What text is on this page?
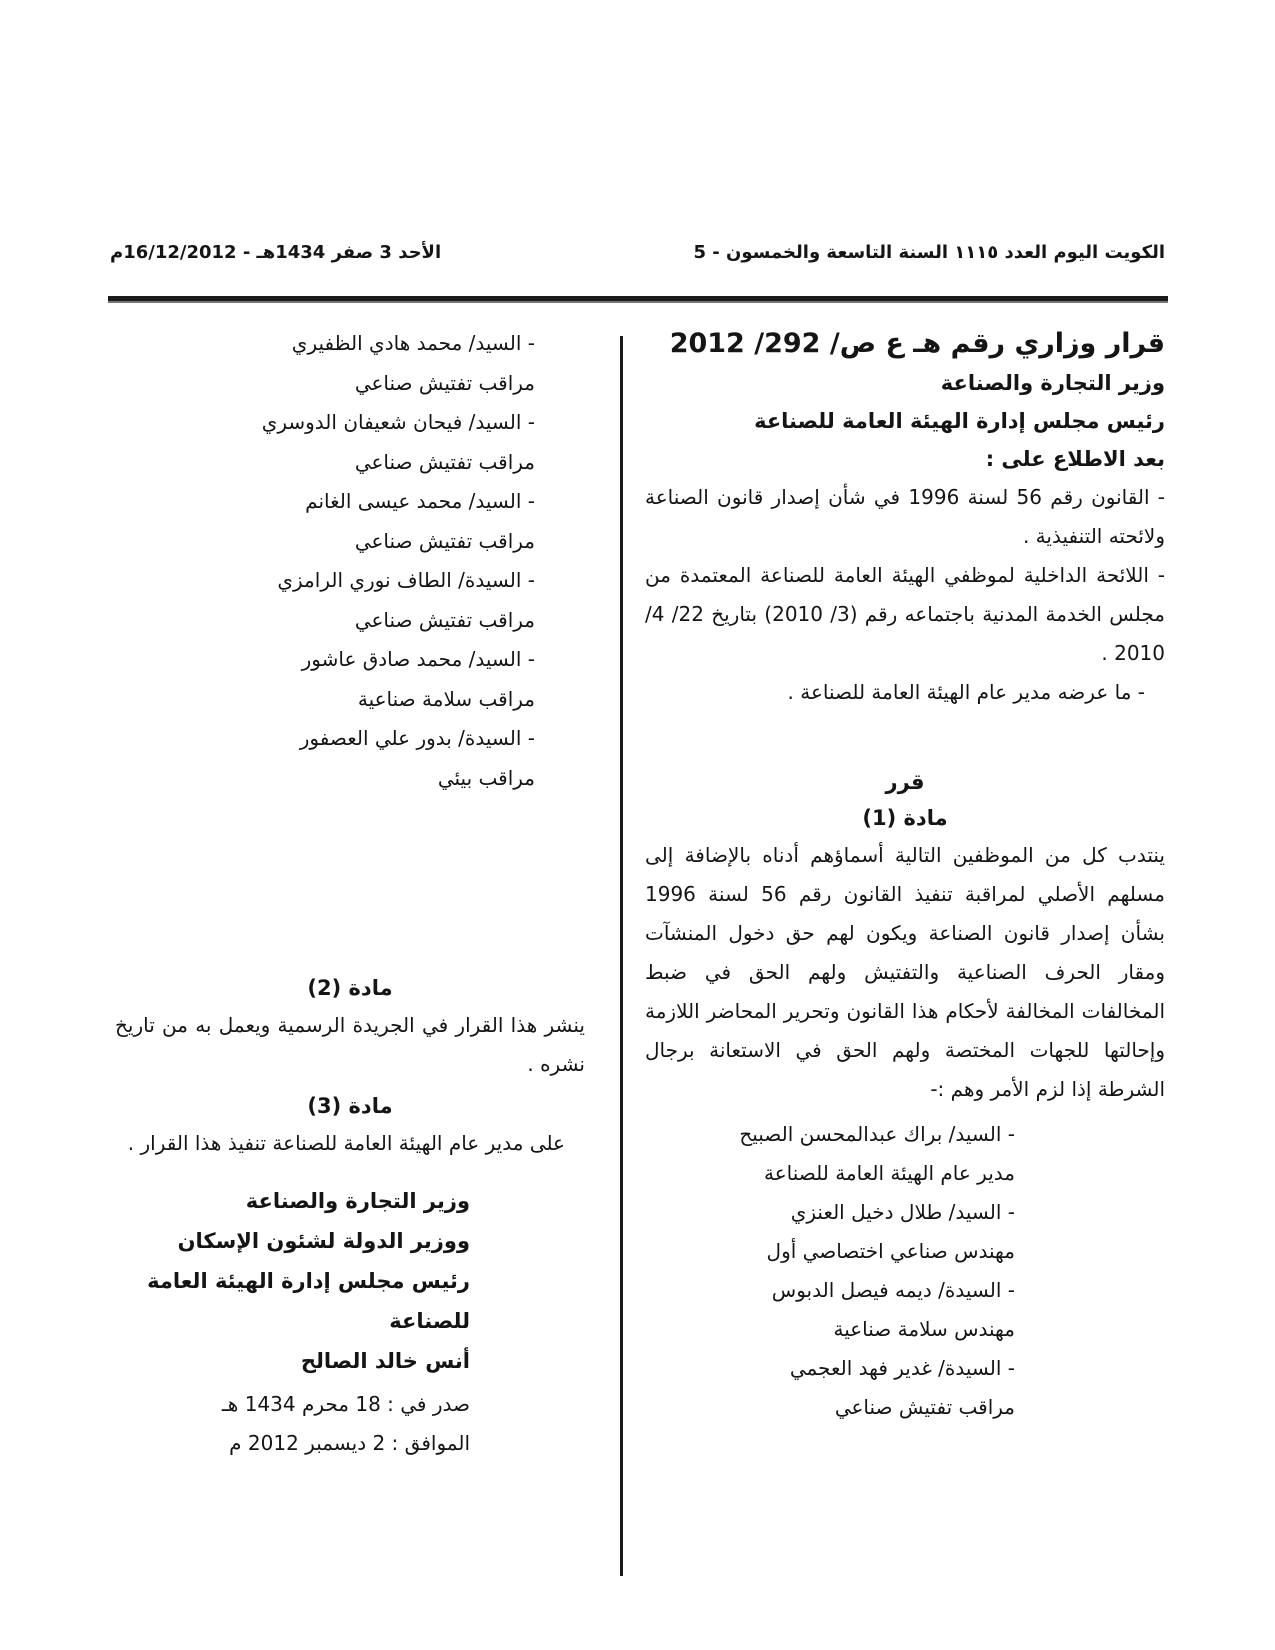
الكويت اليوم العدد ١١١٥ السنة التاسعة والخمسون - 5
الأحد 3 صفر 1434هـ - 16/12/2012م

قرار وزاري رقم هـ ع ص/ 292/ 2012

وزير التجارة والصناعة

رئيس مجلس إدارة الهيئة العامة للصناعة

بعد الاطلاع على :

- القانون رقم 56 لسنة 1996 في شأن إصدار قانون الصناعة ولائحته التنفيذية .

- اللائحة الداخلية لموظفي الهيئة العامة للصناعة المعتمدة من مجلس الخدمة المدنية باجتماعه رقم (3/ 2010) بتاريخ 22/ 4/ 2010 .

- ما عرضه مدير عام الهيئة العامة للصناعة .

قرر

مادة (1)

ينتدب كل من الموظفين التالية أسماؤهم أدناه بالإضافة إلى مسلهم الأصلي لمراقبة تنفيذ القانون رقم 56 لسنة 1996 بشأن إصدار قانون الصناعة ويكون لهم حق دخول المنشآت ومقار الحرف الصناعية والتفتيش ولهم الحق في ضبط المخالفات المخالفة لأحكام هذا القانون وتحرير المحاضر اللازمة وإحالتها للجهات المختصة ولهم الحق في الاستعانة برجال الشرطة إذا لزم الأمر وهم :-

- السيد/ براك عبدالمحسن الصبيح

مدير عام الهيئة العامة للصناعة

- السيد/ طلال دخيل العنزي

مهندس صناعي اختصاصي أول

- السيدة/ ديمه فيصل الدبوس

مهندس سلامة صناعية

- السيدة/ غدير فهد العجمي

مراقب تفتيش صناعي

- السيد/ محمد هادي الظفيري

مراقب تفتيش صناعي

- السيد/ فيحان شعيفان الدوسري

مراقب تفتيش صناعي

- السيد/ محمد عيسى الغانم

مراقب تفتيش صناعي

- السيدة/ الطاف نوري الرامزي

مراقب تفتيش صناعي

- السيد/ محمد صادق عاشور

مراقب سلامة صناعية

- السيدة/ بدور علي العصفور

مراقب بيئي

مادة (2)

ينشر هذا القرار في الجريدة الرسمية ويعمل به من تاريخ نشره .

مادة (3)

على مدير عام الهيئة العامة للصناعة تنفيذ هذا القرار .

وزير التجارة والصناعة

ووزير الدولة لشئون الإسكان

رئيس مجلس إدارة الهيئة العامة للصناعة

أنس خالد الصالح

صدر في : 18 محرم 1434 هـ

الموافق : 2 ديسمبر 2012 م
